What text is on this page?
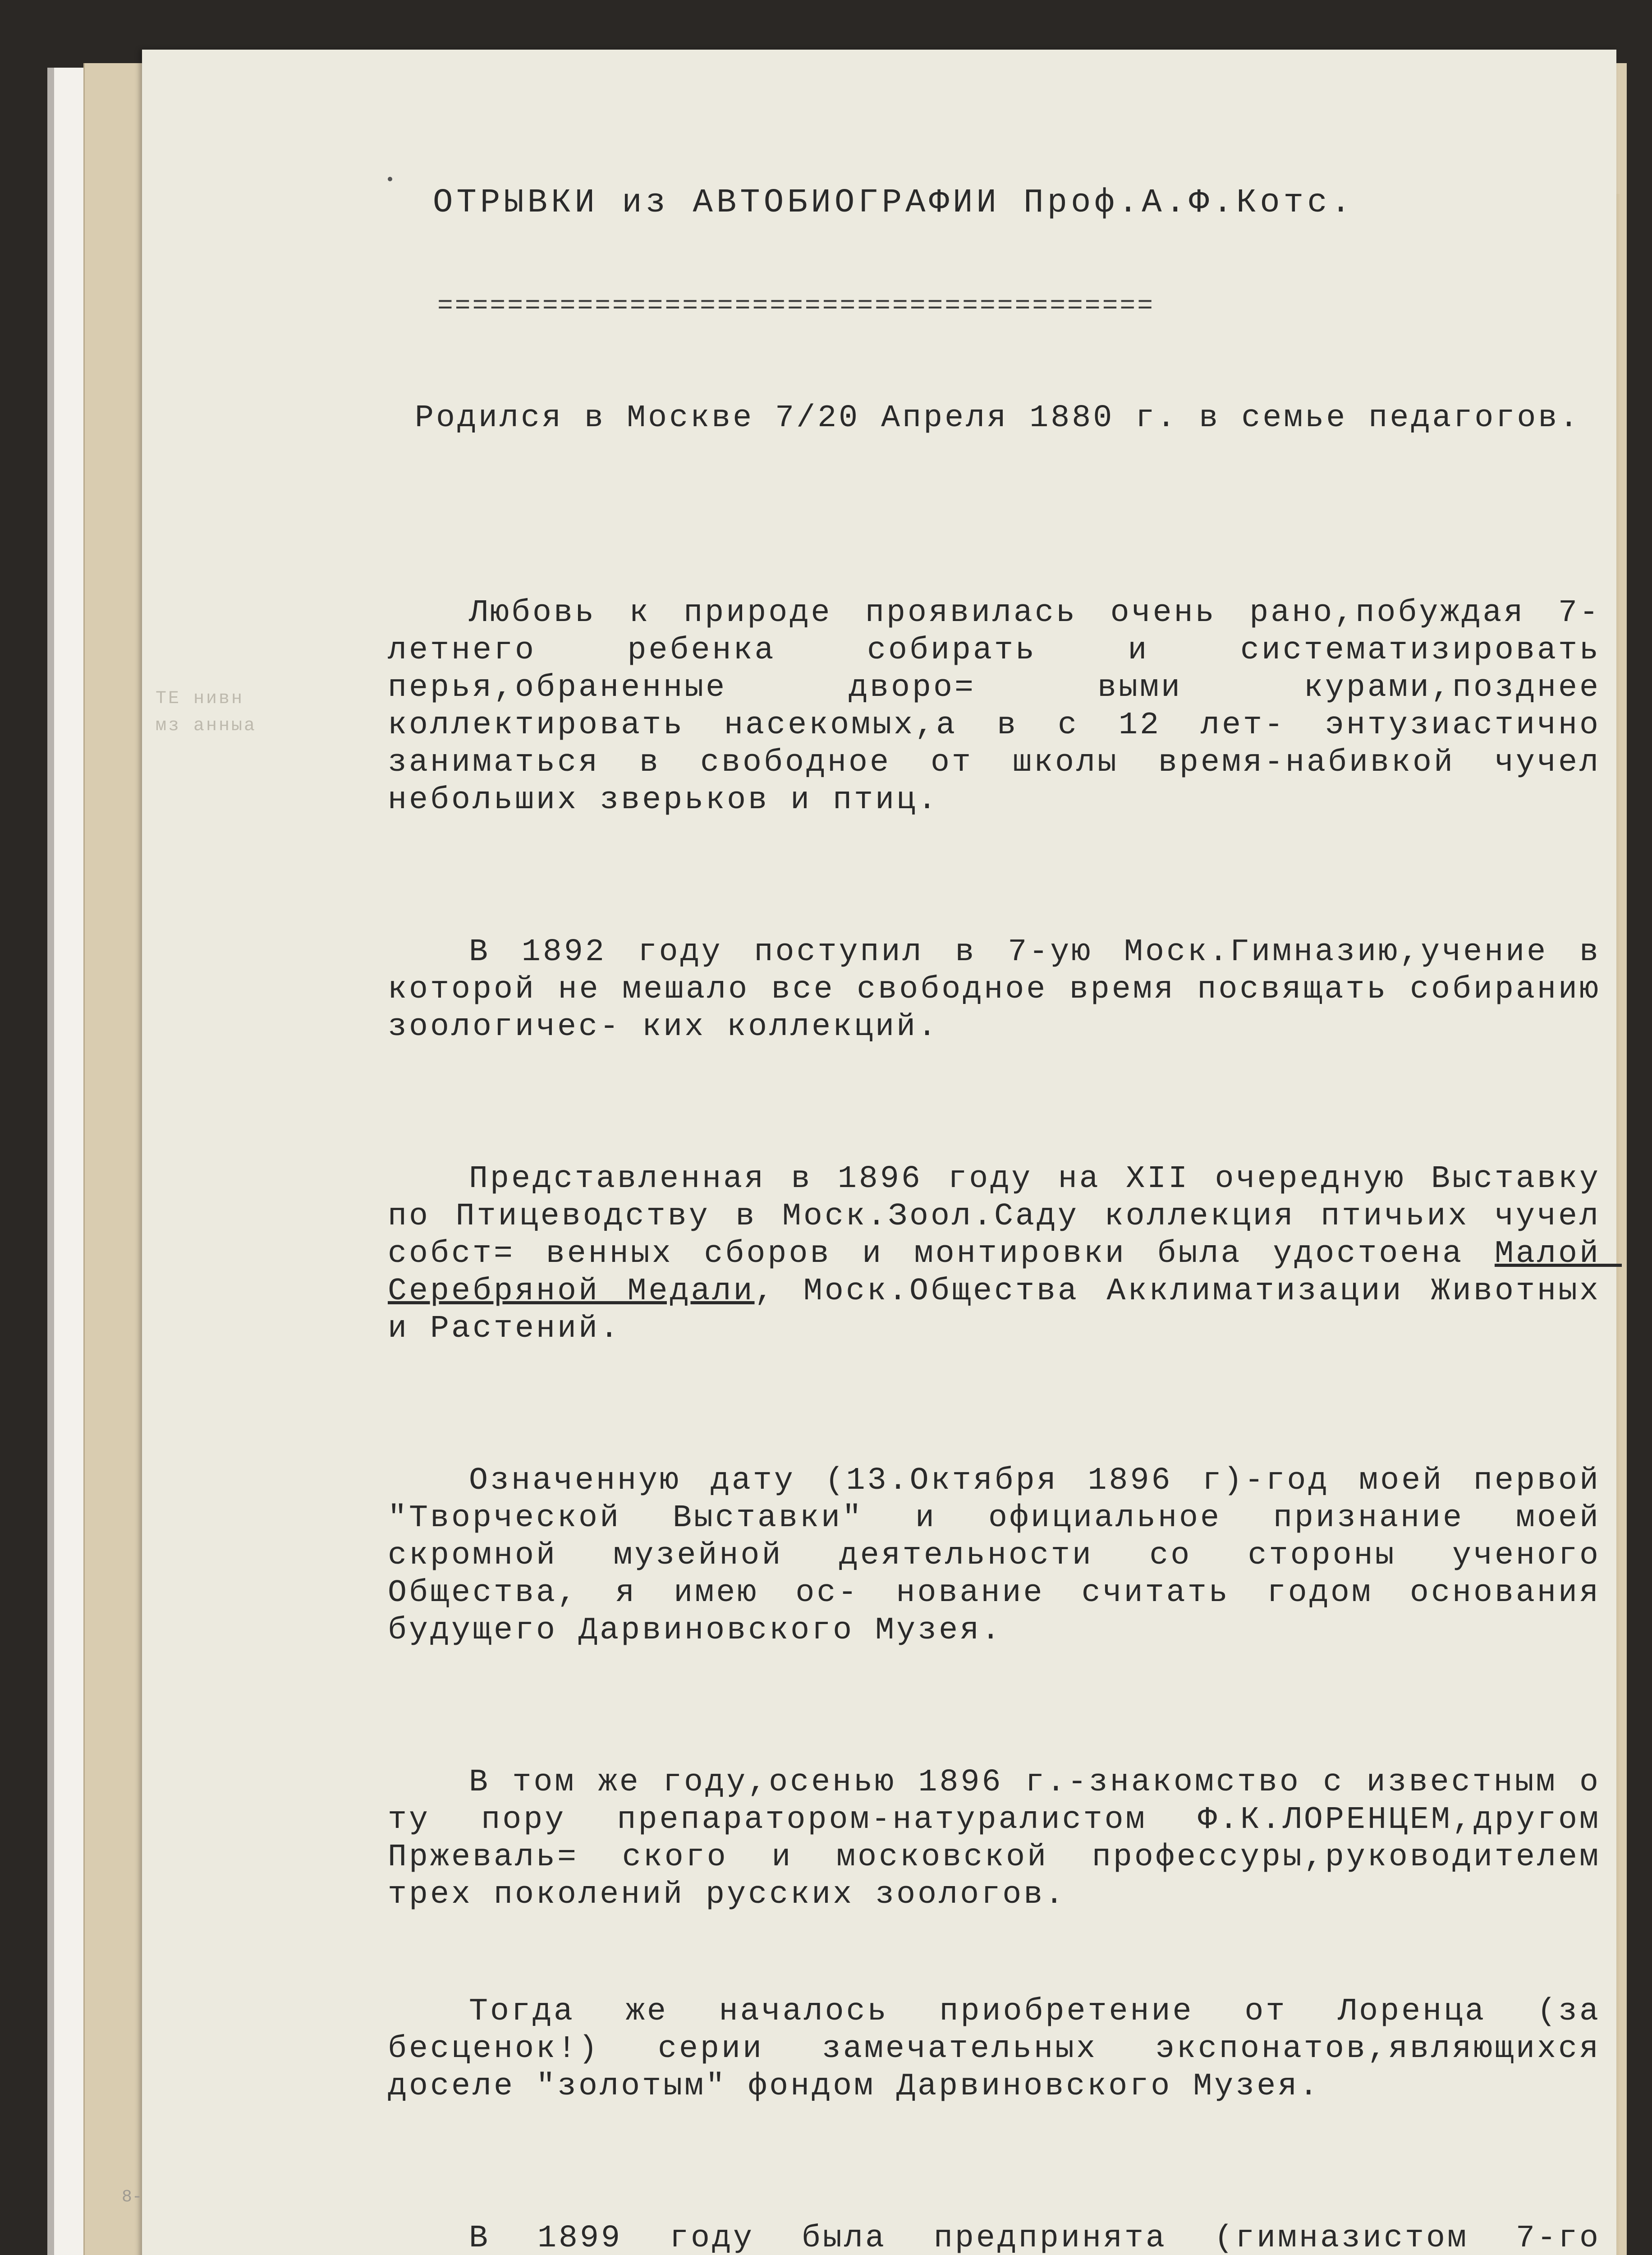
ТЕ нивн мз анныа

ОТРЫВКИ из АВТОБИОГРАФИИ Проф.А.Ф.Котс.

=========================================

Родился в Москве 7/20 Апреля 1880 г. в семье педагогов.

Любовь к природе проявилась очень рано,побуждая 7-летнего ребенка собирать и систематизировать перья,обраненные дворо= выми курами,позднее коллектировать насекомых,а в с 12 лет- энтузиастично заниматься в свободное от школы время-набивкой чучел небольших зверьков и птиц.

В 1892 году поступил в 7-ую Моск.Гимназию,учение в которой не мешало все свободное время посвящать собиранию зоологичес- ких коллекций.

Представленная в 1896 году на XII очередную Выставку по Птицеводству в Моск.Зоол.Саду коллекция птичьих чучел собст= венных сборов и монтировки была удостоена Малой Серебряной Медали, Моск.Общества Акклиматизации Животных и Растений.

Означенную дату (13.Октября 1896 г)-год моей первой "Творческой Выставки" и официальное признание моей скромной музейной деятельности со стороны ученого Общества, я имею ос- нование считать годом основания будущего Дарвиновского Музея.

В том же году,осенью 1896 г.-знакомство с известным о ту пору препаратором-натуралистом Ф.К.ЛОРЕНЦЕМ,другом Пржеваль= ского и московской профессуры,руководителем трех поколений русских зоологов.

Тогда же началось приобретение от Лоренца (за бесценок!) серии замечательных экспонатов,являющихся доселе "золотым" фондом Дарвиновского Музея.

В 1899 году была предпринята (гимназистом 7-го

8-
